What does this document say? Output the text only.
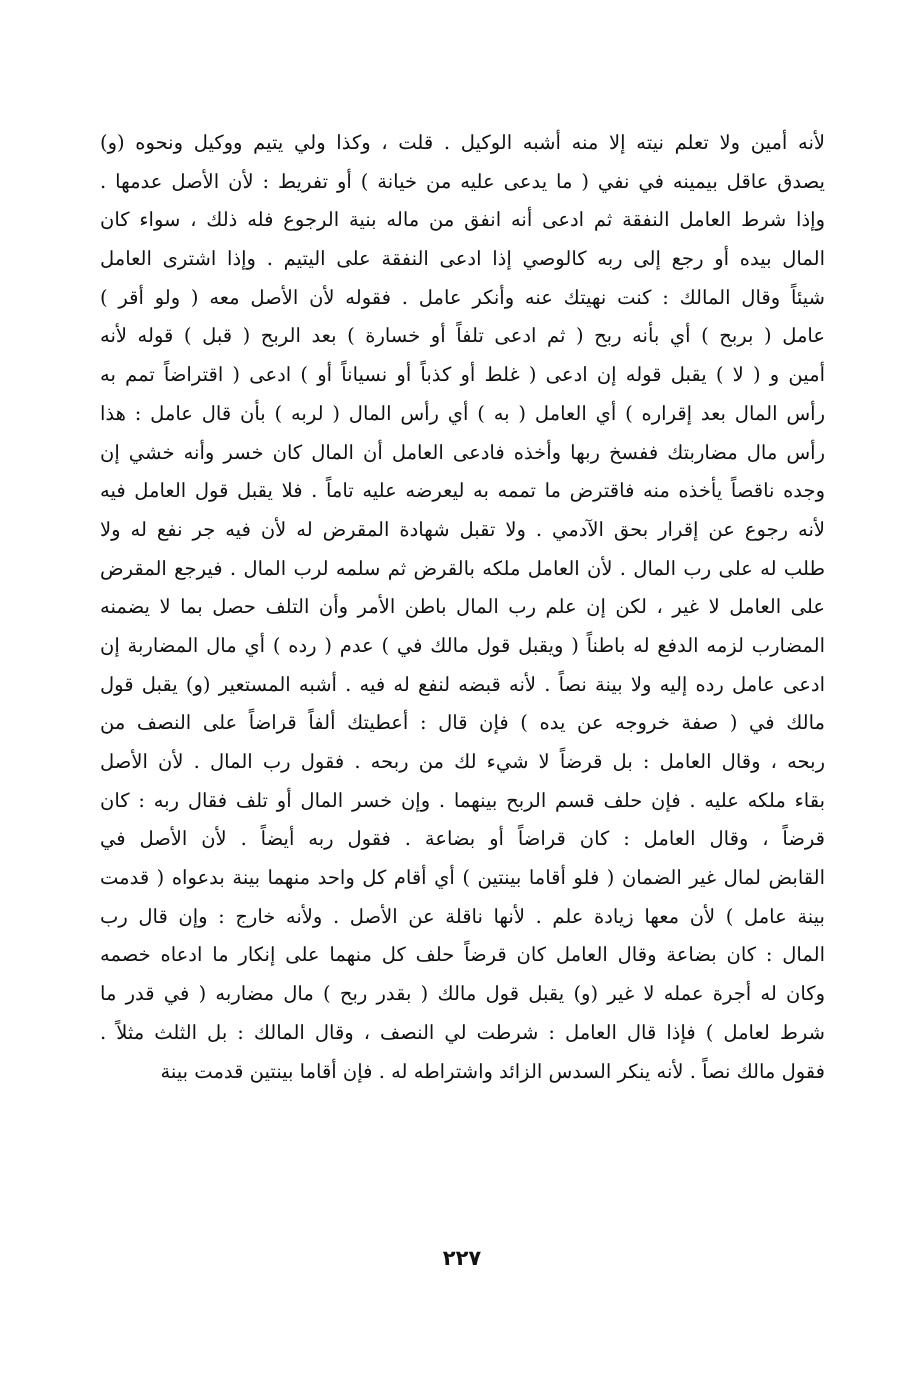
لأنه أمين ولا تعلم نيته إلا منه أشبه الوكيل . قلت ، وكذا ولي يتيم ووكيل ونحوه (و)
يصدق عاقل بيمينه في نفي ( ما يدعى عليه من خيانة ) أو تفريط : لأن الأصل عدمها .
وإذا شرط العامل النفقة ثم ادعى أنه انفق من ماله بنية الرجوع فله ذلك ، سواء كان
المال بيده أو رجع إلى ربه كالوصي إذا ادعى النفقة على اليتيم . وإذا اشترى العامل
شيئاً وقال المالك : كنت نهيتك عنه وأنكر عامل . فقوله لأن الأصل معه ( ولو أقر )
عامل ( بربح ) أي بأنه ربح ( ثم ادعى تلفاً أو خسارة ) بعد الربح ( قبل ) قوله لأنه
أمين و ( لا ) يقبل قوله إن ادعى ( غلط أو كذباً أو نسياناً أو ) ادعى ( اقتراضاً تمم به
رأس المال بعد إقراره ) أي العامل ( به ) أي رأس المال ( لربه ) بأن قال عامل : هذا
رأس مال مضاربتك ففسخ ربها وأخذه فادعى العامل أن المال كان خسر وأنه خشي إن
وجده ناقصاً يأخذه منه فاقترض ما تممه به ليعرضه عليه تاماً . فلا يقبل قول العامل فيه
لأنه رجوع عن إقرار بحق الآدمي . ولا تقبل شهادة المقرض له لأن فيه جر نفع له ولا
طلب له على رب المال . لأن العامل ملكه بالقرض ثم سلمه لرب المال . فيرجع المقرض
على العامل لا غير ، لكن إن علم رب المال باطن الأمر وأن التلف حصل بما لا يضمنه
المضارب لزمه الدفع له باطناً ( ويقبل قول مالك في ) عدم ( رده ) أي مال المضاربة إن
ادعى عامل رده إليه ولا بينة نصاً . لأنه قبضه لنفع له فيه . أشبه المستعير (و) يقبل قول
مالك في ( صفة خروجه عن يده ) فإن قال : أعطيتك ألفاً قراضاً على النصف من
ربحه ، وقال العامل : بل قرضاً لا شيء لك من ربحه . فقول رب المال . لأن الأصل
بقاء ملكه عليه . فإن حلف قسم الربح بينهما . وإن خسر المال أو تلف فقال ربه : كان
قرضاً ، وقال العامل : كان قراضاً أو بضاعة . فقول ربه أيضاً . لأن الأصل في
القابض لمال غير الضمان ( فلو أقاما بينتين ) أي أقام كل واحد منهما بينة بدعواه ( قدمت
بينة عامل ) لأن معها زيادة علم . لأنها ناقلة عن الأصل . ولأنه خارج : وإن قال رب
المال : كان بضاعة وقال العامل كان قرضاً حلف كل منهما على إنكار ما ادعاه خصمه
وكان له أجرة عمله لا غير (و) يقبل قول مالك ( بقدر ربح ) مال مضاربه ( في قدر ما
شرط لعامل ) فإذا قال العامل : شرطت لي النصف ، وقال المالك : بل الثلث مثلاً .
فقول مالك نصاً . لأنه ينكر السدس الزائد واشتراطه له . فإن أقاما بينتين قدمت بينة
٢٢٧
